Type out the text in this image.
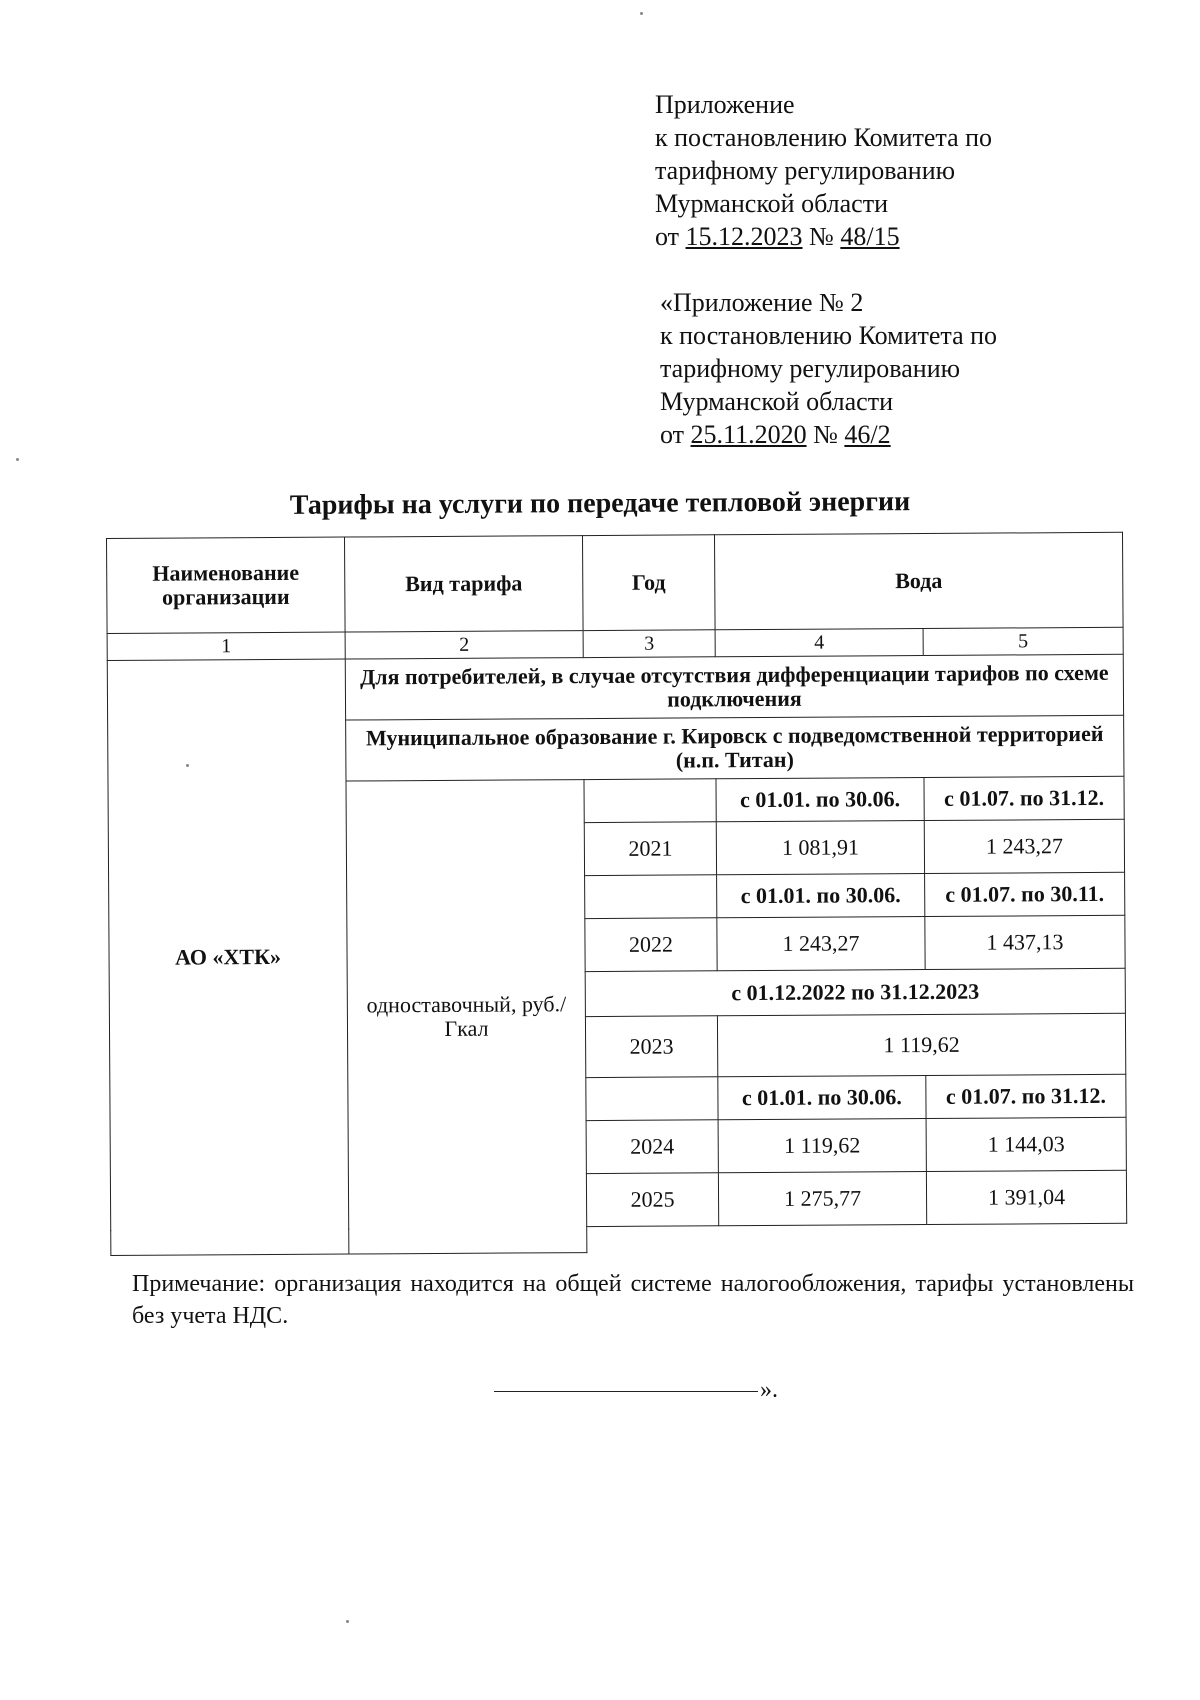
Приложение
к постановлению Комитета по
тарифному регулированию
Мурманской области
от 15.12.2023 № 48/15
«Приложение № 2
к постановлению Комитета по
тарифному регулированию
Мурманской области
от 25.11.2020 № 46/2
Тарифы на услуги по передаче тепловой энергии
Наименование организации	Вид тарифа	Год	Вода	
1	2	3	4	5
АО «ХТК»	Для потребителей, в случае отсутствия дифференциации тарифов по схеме подключения			
	Муниципальное образование г. Кировск с подведомственной территорией (н.п. Титан)			
	одноставочный, руб./Гкал		с 01.01. по 30.06.	с 01.07. по 31.12.
		2021	1 081,91	1 243,27
			с 01.01. по 30.06.	с 01.07. по 30.11.
		2022	1 243,27	1 437,13
		с 01.12.2022 по 31.12.2023		
		2023	1 119,62	
			с 01.01. по 30.06.	с 01.07. по 31.12.
		2024	1 119,62	1 144,03
		2025	1 275,77	1 391,04

Примечание: организация находится на общей системе налогообложения, тарифы установлены без учета НДС.
».
